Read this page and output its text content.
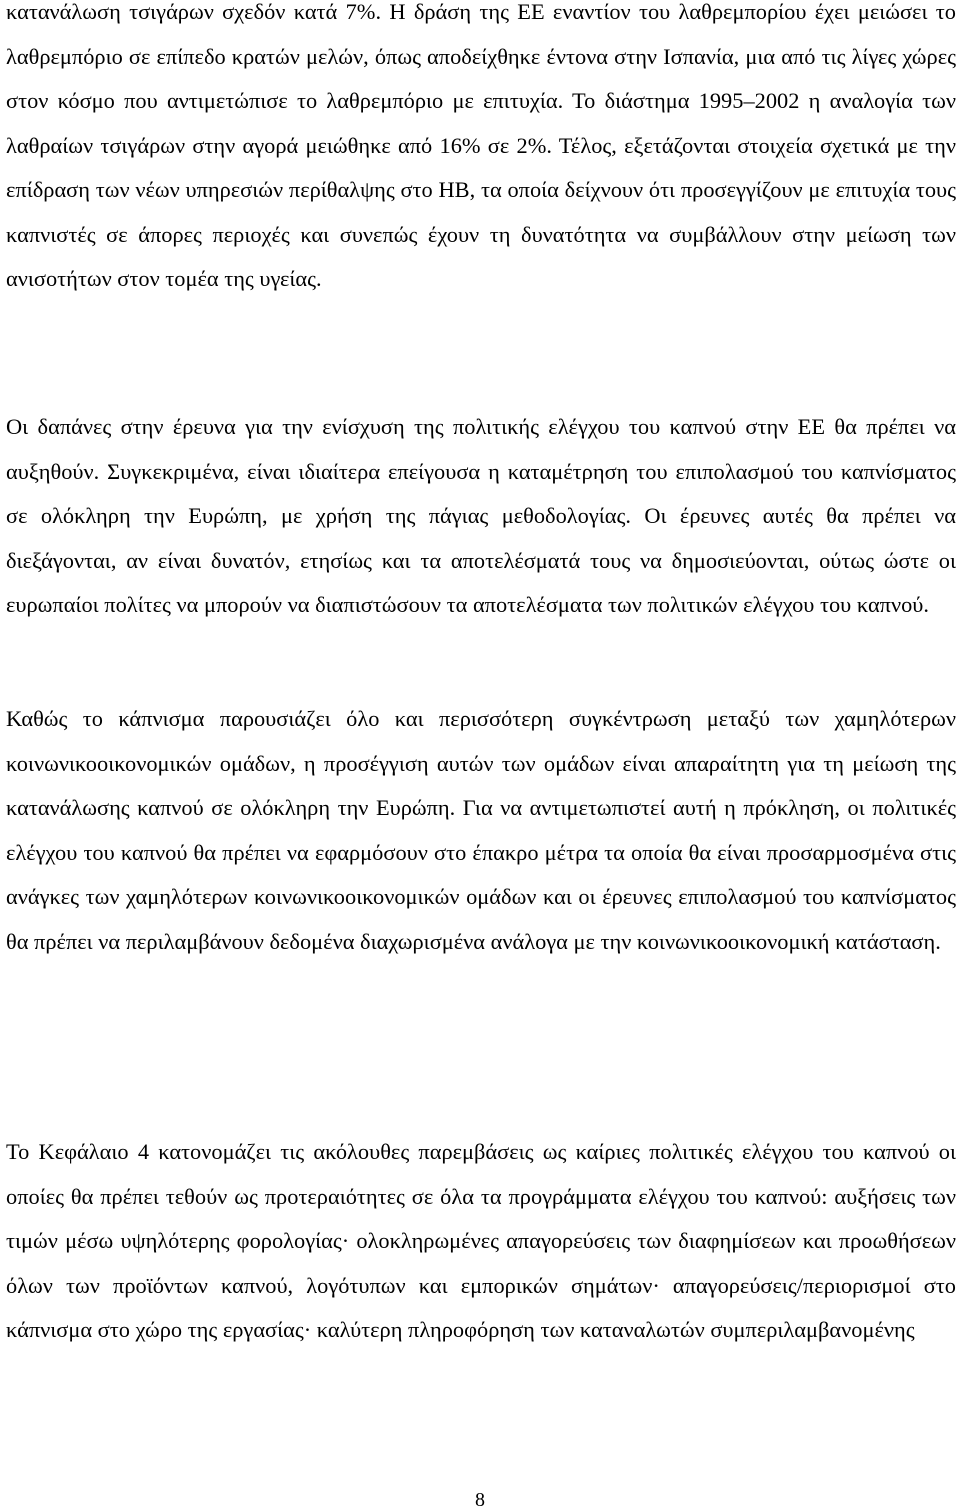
κατανάλωση τσιγάρων σχεδόν κατά 7%. Η δράση της ΕΕ εναντίον του λαθρεμπορίου έχει μειώσει το λαθρεμπόριο σε επίπεδο κρατών μελών, όπως αποδείχθηκε έντονα στην Ισπανία, μια από τις λίγες χώρες στον κόσμο που αντιμετώπισε το λαθρεμπόριο με επιτυχία. Το διάστημα 1995–2002 η αναλογία των λαθραίων τσιγάρων στην αγορά μειώθηκε από 16% σε 2%. Τέλος, εξετάζονται στοιχεία σχετικά με την επίδραση των νέων υπηρεσιών περίθαλψης στο ΗΒ, τα οποία δείχνουν ότι προσεγγίζουν με επιτυχία τους καπνιστές σε άπορες περιοχές και συνεπώς έχουν τη δυνατότητα να συμβάλλουν στην μείωση των ανισοτήτων στον τομέα της υγείας.

Οι δαπάνες στην έρευνα για την ενίσχυση της πολιτικής ελέγχου του καπνού στην ΕΕ θα πρέπει να αυξηθούν. Συγκεκριμένα, είναι ιδιαίτερα επείγουσα η καταμέτρηση του επιπολασμού του καπνίσματος σε ολόκληρη την Ευρώπη, με χρήση της πάγιας μεθοδολογίας. Οι έρευνες αυτές θα πρέπει να διεξάγονται, αν είναι δυνατόν, ετησίως και τα αποτελέσματά τους να δημοσιεύονται, ούτως ώστε οι ευρωπαίοι πολίτες να μπορούν να διαπιστώσουν τα αποτελέσματα των πολιτικών ελέγχου του καπνού.

Καθώς το κάπνισμα παρουσιάζει όλο και περισσότερη συγκέντρωση μεταξύ των χαμηλότερων κοινωνικοοικονομικών ομάδων, η προσέγγιση αυτών των ομάδων είναι απαραίτητη για τη μείωση της κατανάλωσης καπνού σε ολόκληρη την Ευρώπη. Για να αντιμετωπιστεί αυτή η πρόκληση, οι πολιτικές ελέγχου του καπνού θα πρέπει να εφαρμόσουν στο έπακρο μέτρα τα οποία θα είναι προσαρμοσμένα στις ανάγκες των χαμηλότερων κοινωνικοοικονομικών ομάδων και οι έρευνες επιπολασμού του καπνίσματος θα πρέπει να περιλαμβάνουν δεδομένα διαχωρισμένα ανάλογα με την κοινωνικοοικονομική κατάσταση.

Το Κεφάλαιο 4 κατονομάζει τις ακόλουθες παρεμβάσεις ως καίριες πολιτικές ελέγχου του καπνού οι οποίες θα πρέπει τεθούν ως προτεραιότητες σε όλα τα προγράμματα ελέγχου του καπνού: αυξήσεις των τιμών μέσω υψηλότερης φορολογίας· ολοκληρωμένες απαγορεύσεις των διαφημίσεων και προωθήσεων όλων των προϊόντων καπνού, λογότυπων και εμπορικών σημάτων· απαγορεύσεις/περιορισμοί στο κάπνισμα στο χώρο της εργασίας· καλύτερη πληροφόρηση των καταναλωτών συμπεριλαμβανομένης

8
